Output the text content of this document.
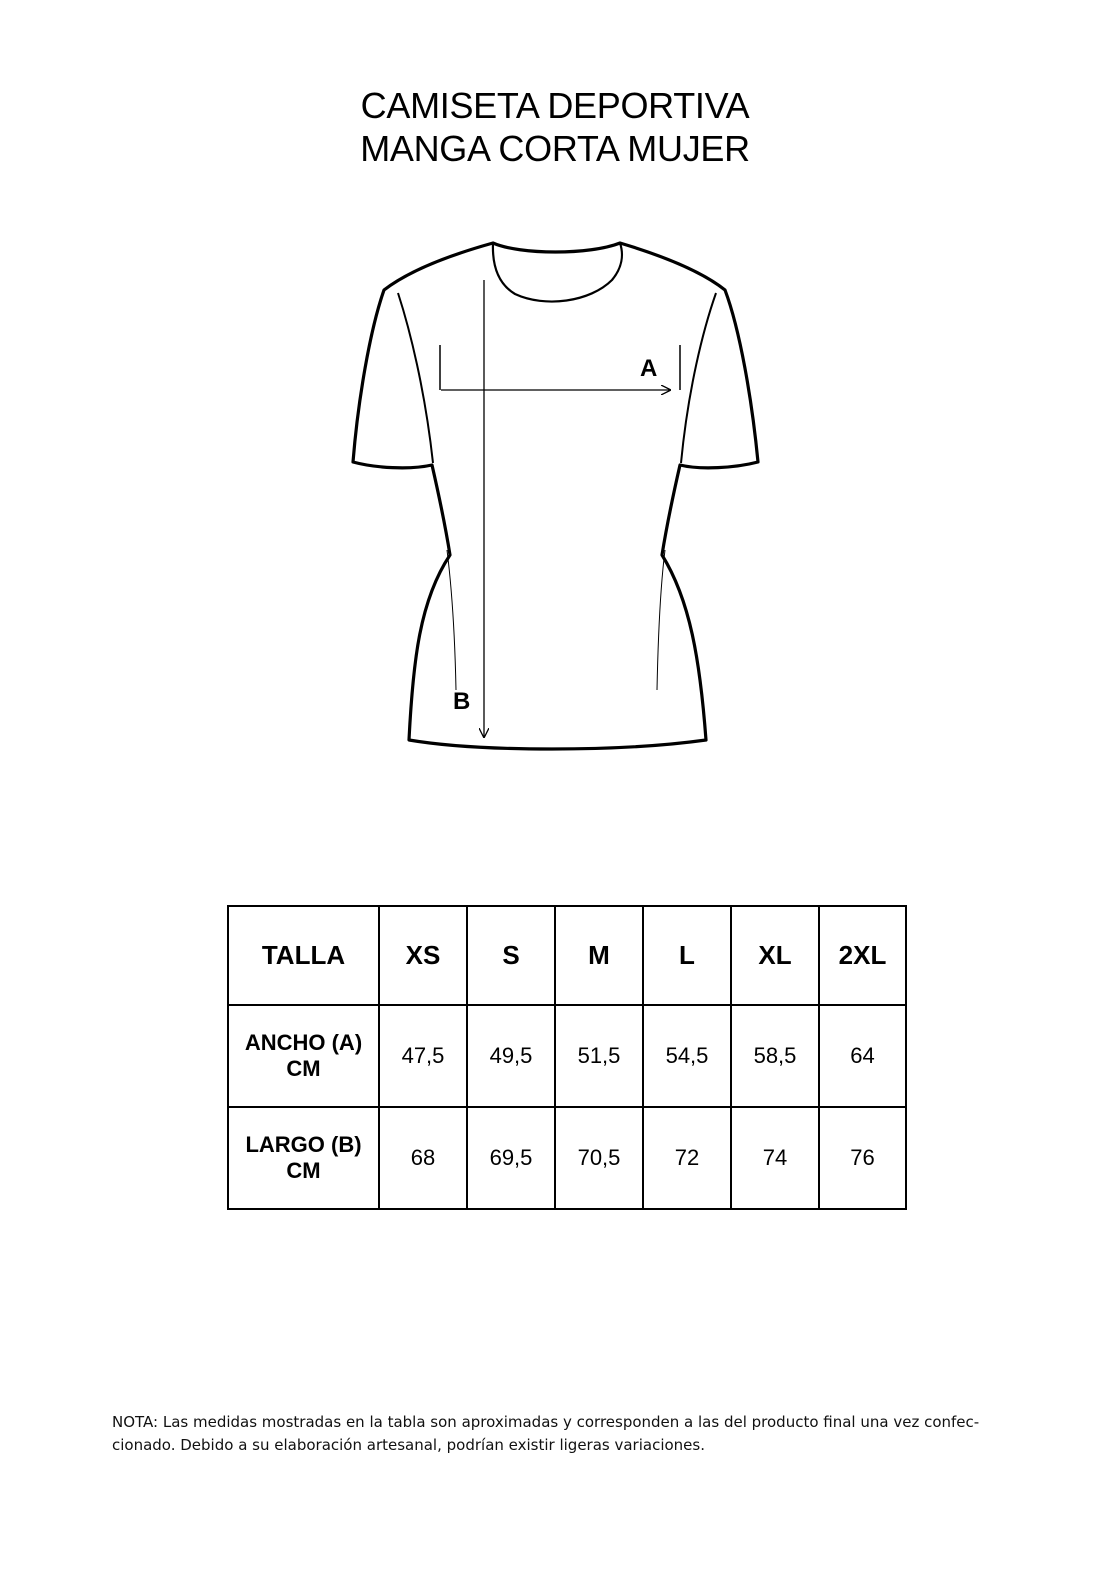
CAMISETA DEPORTIVA
MANGA CORTA MUJER
A
B
TALLA	XS	S	M	L	XL	2XL

ANCHO (A)
CM	47,5	49,5	51,5	54,5	58,5	64

LARGO (B)
CM	68	69,5	70,5	72	74	76
NOTA: Las medidas mostradas en la tabla son aproximadas y corresponden a las del producto final una vez confec-
cionado. Debido a su elaboración artesanal, podrían existir ligeras variaciones.
